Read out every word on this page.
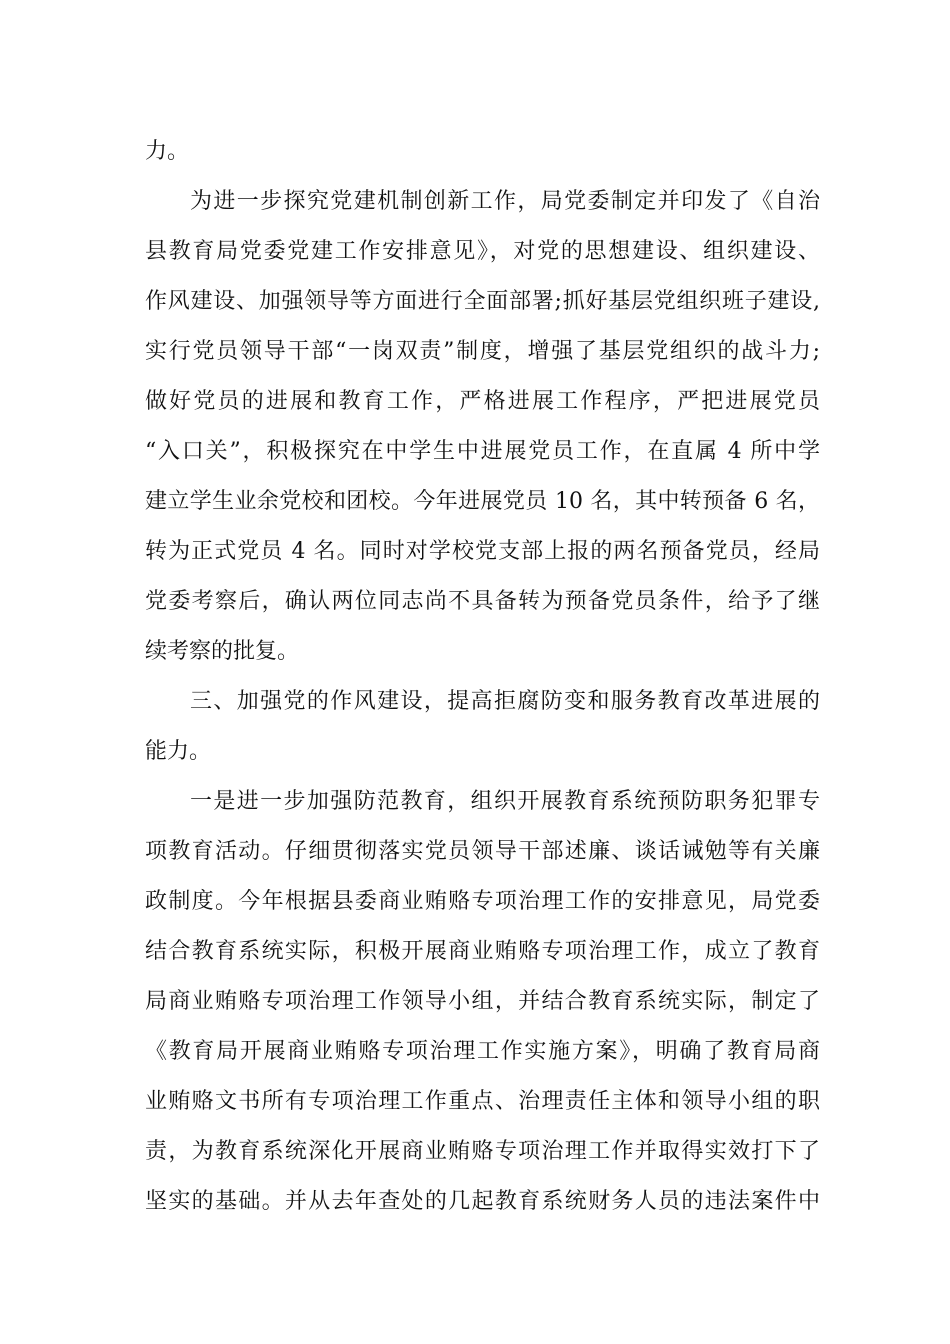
力。
为进一步探究党建机制创新工作，局党委制定并印发了《自治
县教育局党委党建工作安排意见》，对党的思想建设、组织建设、
作风建设、加强领导等方面进行全面部署;抓好基层党组织班子建设,
实行党员领导干部“一岗双责”制度，增强了基层党组织的战斗力;
做好党员的进展和教育工作，严格进展工作程序，严把进展党员
“入口关”，积极探究在中学生中进展党员工作，在直属 4 所中学
建立学生业余党校和团校。今年进展党员 10 名，其中转预备 6 名，
转为正式党员 4 名。同时对学校党支部上报的两名预备党员，经局
党委考察后，确认两位同志尚不具备转为预备党员条件，给予了继
续考察的批复。
三、加强党的作风建设，提高拒腐防变和服务教育改革进展的
能力。
一是进一步加强防范教育，组织开展教育系统预防职务犯罪专
项教育活动。仔细贯彻落实党员领导干部述廉、谈话诫勉等有关廉
政制度。今年根据县委商业贿赂专项治理工作的安排意见，局党委
结合教育系统实际，积极开展商业贿赂专项治理工作，成立了教育
局商业贿赂专项治理工作领导小组，并结合教育系统实际，制定了
《教育局开展商业贿赂专项治理工作实施方案》，明确了教育局商
业贿赂文书所有专项治理工作重点、治理责任主体和领导小组的职
责，为教育系统深化开展商业贿赂专项治理工作并取得实效打下了
坚实的基础。并从去年查处的几起教育系统财务人员的违法案件中
